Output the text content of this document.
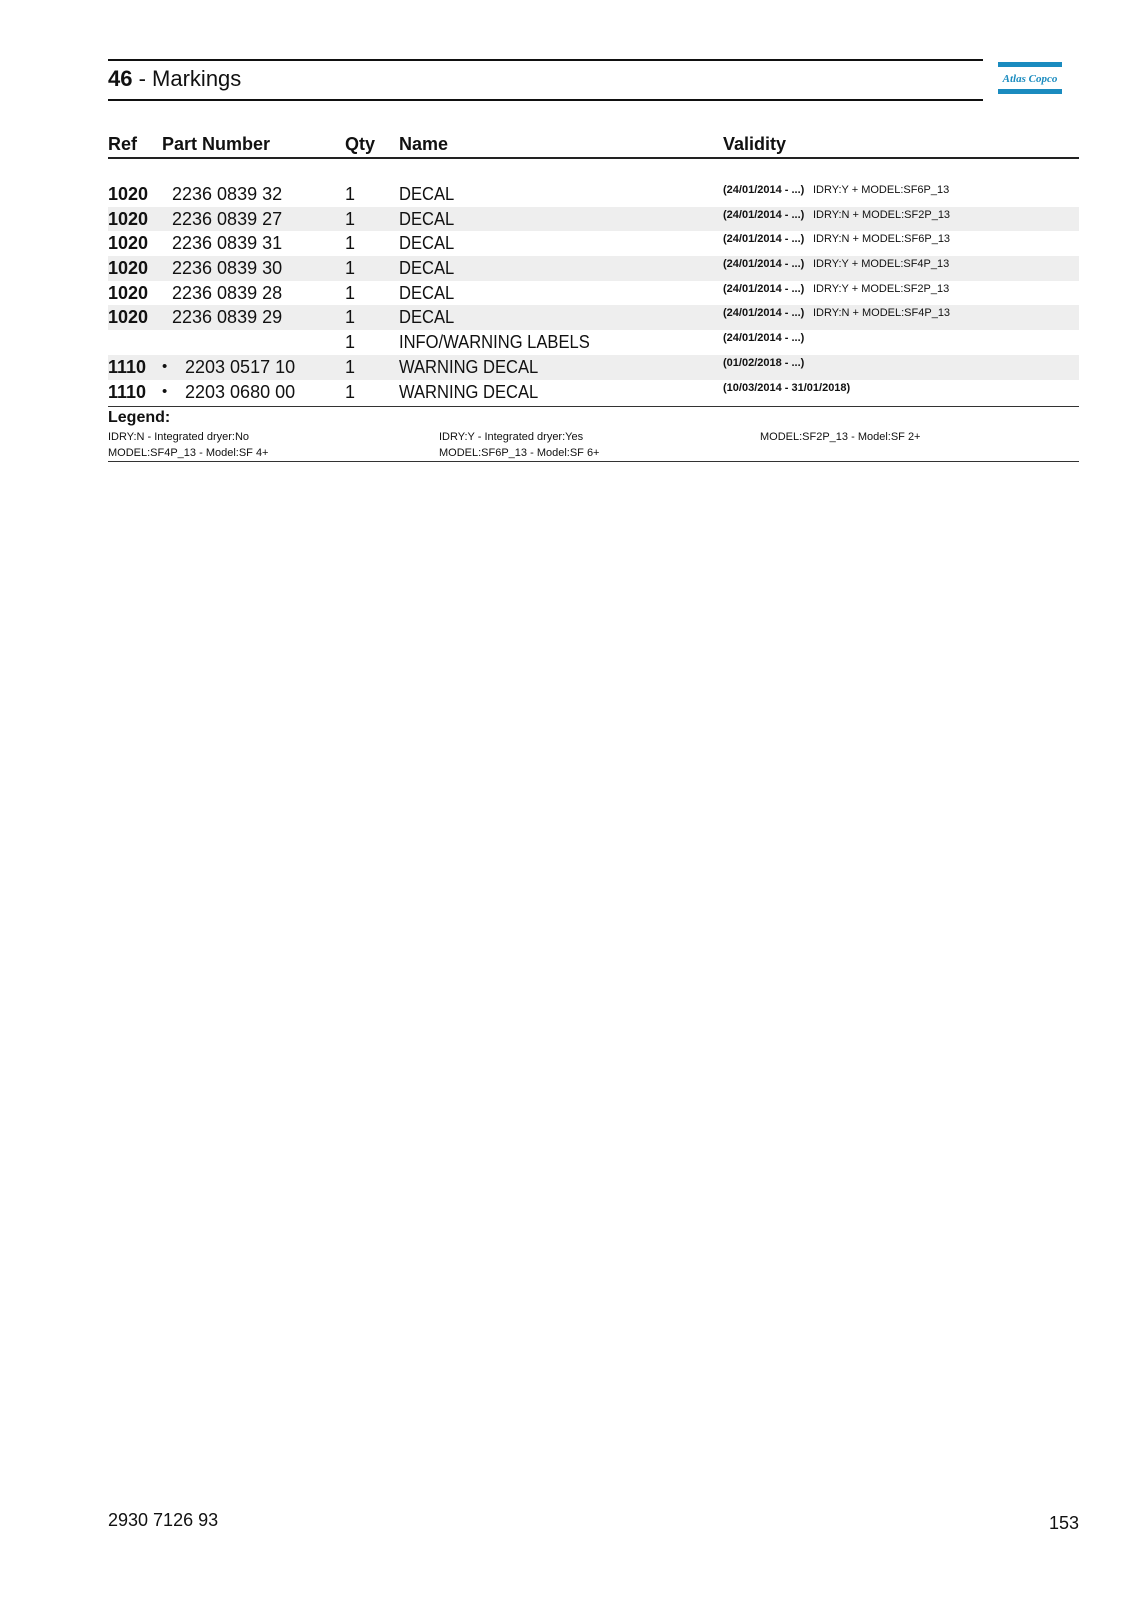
46 - Markings	Atlas Copco
Ref Part Number	Qty Name	Validity
1020 2236 0839 32	1 DECAL	(24/01/2014 - ...) IDRY:Y + MODEL:SF6P_13
1020 2236 0839 27	1 DECAL	(24/01/2014 - ...) IDRY:N + MODEL:SF2P_13
1020 2236 0839 31	1 DECAL	(24/01/2014 - ...) IDRY:N + MODEL:SF6P_13
1020 2236 0839 30	1 DECAL	(24/01/2014 - ...) IDRY:Y + MODEL:SF4P_13
1020 2236 0839 28	1 DECAL	(24/01/2014 - ...) IDRY:Y + MODEL:SF2P_13
1020 2236 0839 29	1 DECAL	(24/01/2014 - ...) IDRY:N + MODEL:SF4P_13
1 INFO/WARNING LABELS	(24/01/2014 - ...)
1110 • 2203 0517 10	1 WARNING DECAL	(01/02/2018 - ...)
1110 • 2203 0680 00	1 WARNING DECAL	(10/03/2014 - 31/01/2018)
Legend:
IDRY:N - Integrated dryer:No	IDRY:Y - Integrated dryer:Yes	MODEL:SF2P_13 - Model:SF 2+
MODEL:SF4P_13 - Model:SF 4+	MODEL:SF6P_13 - Model:SF 6+
2930 7126 93	153
